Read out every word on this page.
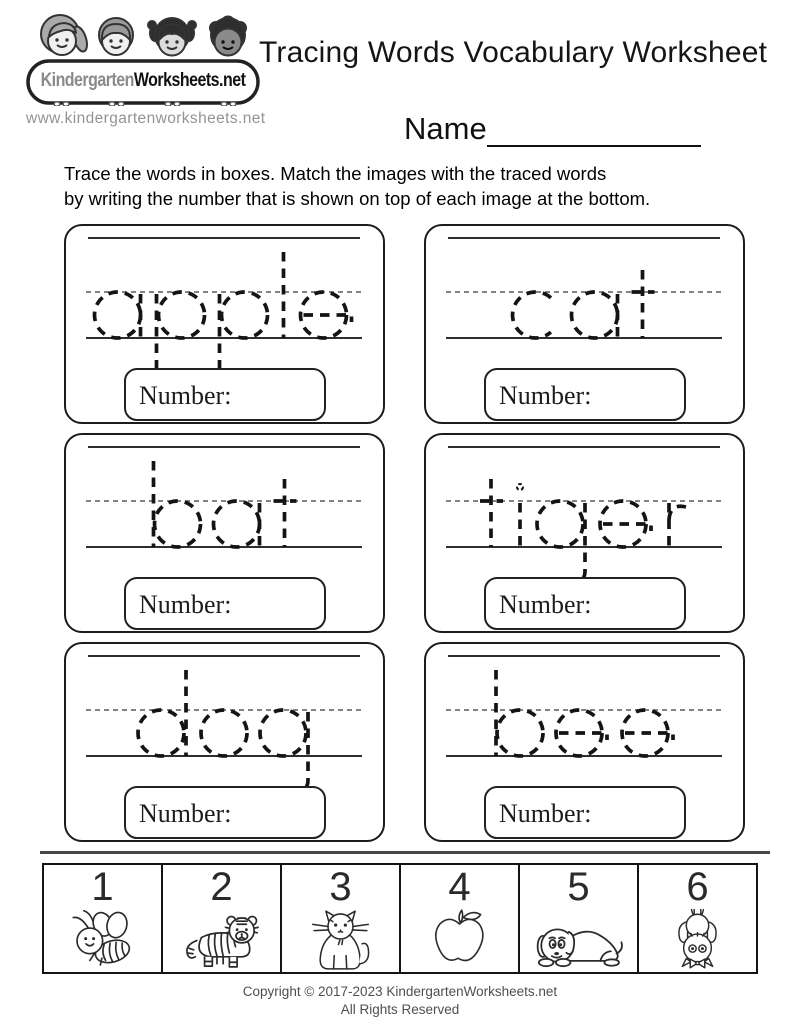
Kindergarten Worksheets.net
www.kindergartenworksheets.net
Tracing Words Vocabulary Worksheet
Name
Trace the words in boxes. Match the images with the traced words
by writing the number that is shown on top of each image at the bottom.
Number:	Number:
Number:	Number:
Number:	Number:
1 2 3 4 5 6
Copyright © 2017-2023 KindergartenWorksheets.net
All Rights Reserved
